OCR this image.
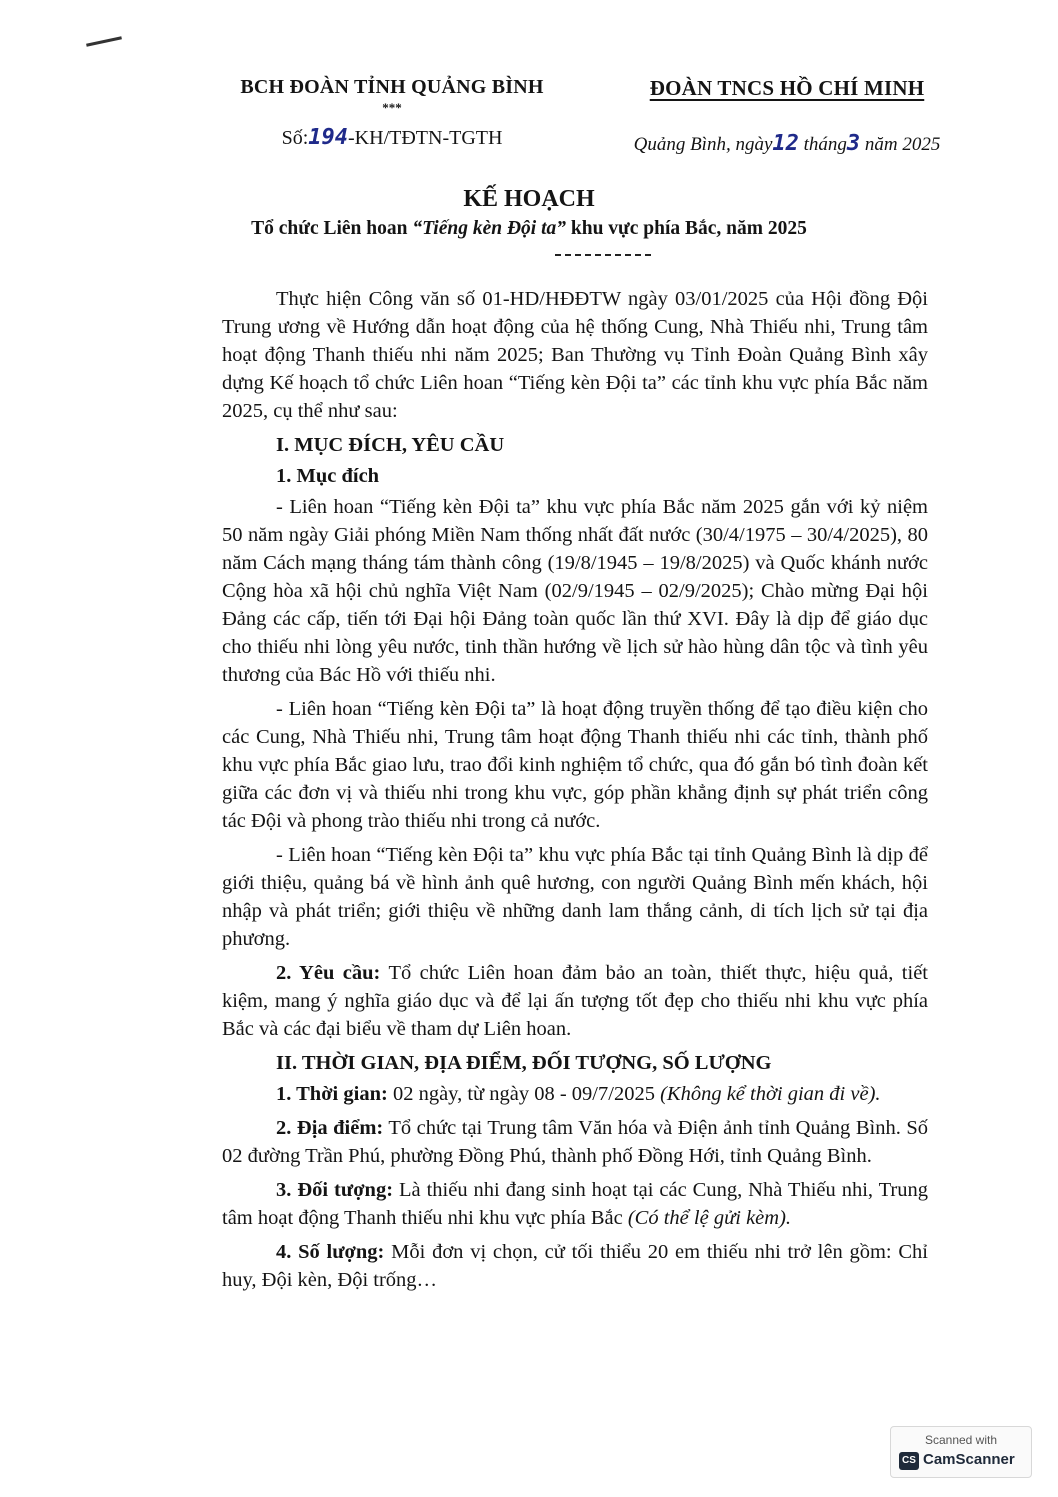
BCH ĐOÀN TỈNH QUẢNG BÌNH
***
Số:194-KH/TĐTN-TGTH
ĐOÀN TNCS HỒ CHÍ MINH
Quảng Bình, ngày12 tháng3 năm 2025
KẾ HOẠCH
Tổ chức Liên hoan “Tiếng kèn Đội ta” khu vực phía Bắc, năm 2025

Thực hiện Công văn số 01-HD/HĐĐTW ngày 03/01/2025 của Hội đồng Đội Trung ương về Hướng dẫn hoạt động của hệ thống Cung, Nhà Thiếu nhi, Trung tâm hoạt động Thanh thiếu nhi năm 2025; Ban Thường vụ Tỉnh Đoàn Quảng Bình xây dựng Kế hoạch tổ chức Liên hoan “Tiếng kèn Đội ta” các tỉnh khu vực phía Bắc năm 2025, cụ thể như sau:

I. MỤC ĐÍCH, YÊU CẦU

1. Mục đích

- Liên hoan “Tiếng kèn Đội ta” khu vực phía Bắc năm 2025 gắn với kỷ niệm 50 năm ngày Giải phóng Miền Nam thống nhất đất nước (30/4/1975 – 30/4/2025), 80 năm Cách mạng tháng tám thành công (19/8/1945 – 19/8/2025) và Quốc khánh nước Cộng hòa xã hội chủ nghĩa Việt Nam (02/9/1945 – 02/9/2025); Chào mừng Đại hội Đảng các cấp, tiến tới Đại hội Đảng toàn quốc lần thứ XVI. Đây là dịp để giáo dục cho thiếu nhi lòng yêu nước, tinh thần hướng về lịch sử hào hùng dân tộc và tình yêu thương của Bác Hồ với thiếu nhi.

- Liên hoan “Tiếng kèn Đội ta” là hoạt động truyền thống để tạo điều kiện cho các Cung, Nhà Thiếu nhi, Trung tâm hoạt động Thanh thiếu nhi các tỉnh, thành phố khu vực phía Bắc giao lưu, trao đổi kinh nghiệm tổ chức, qua đó gắn bó tình đoàn kết giữa các đơn vị và thiếu nhi trong khu vực, góp phần khẳng định sự phát triển công tác Đội và phong trào thiếu nhi trong cả nước.

- Liên hoan “Tiếng kèn Đội ta” khu vực phía Bắc tại tỉnh Quảng Bình là dịp để giới thiệu, quảng bá về hình ảnh quê hương, con người Quảng Bình mến khách, hội nhập và phát triển; giới thiệu về những danh lam thắng cảnh, di tích lịch sử tại địa phương.

2. Yêu cầu: Tổ chức Liên hoan đảm bảo an toàn, thiết thực, hiệu quả, tiết kiệm, mang ý nghĩa giáo dục và để lại ấn tượng tốt đẹp cho thiếu nhi khu vực phía Bắc và các đại biểu về tham dự Liên hoan.

II. THỜI GIAN, ĐỊA ĐIỂM, ĐỐI TƯỢNG, SỐ LƯỢNG

1. Thời gian: 02 ngày, từ ngày 08 - 09/7/2025 (Không kể thời gian đi về).

2. Địa điểm: Tổ chức tại Trung tâm Văn hóa và Điện ảnh tỉnh Quảng Bình. Số 02 đường Trần Phú, phường Đồng Phú, thành phố Đồng Hới, tỉnh Quảng Bình.

3. Đối tượng: Là thiếu nhi đang sinh hoạt tại các Cung, Nhà Thiếu nhi, Trung tâm hoạt động Thanh thiếu nhi khu vực phía Bắc (Có thể lệ gửi kèm).

4. Số lượng: Mỗi đơn vị chọn, cử tối thiểu 20 em thiếu nhi trở lên gồm: Chỉ huy, Đội kèn, Đội trống…

Scanned with
CS CamScanner
